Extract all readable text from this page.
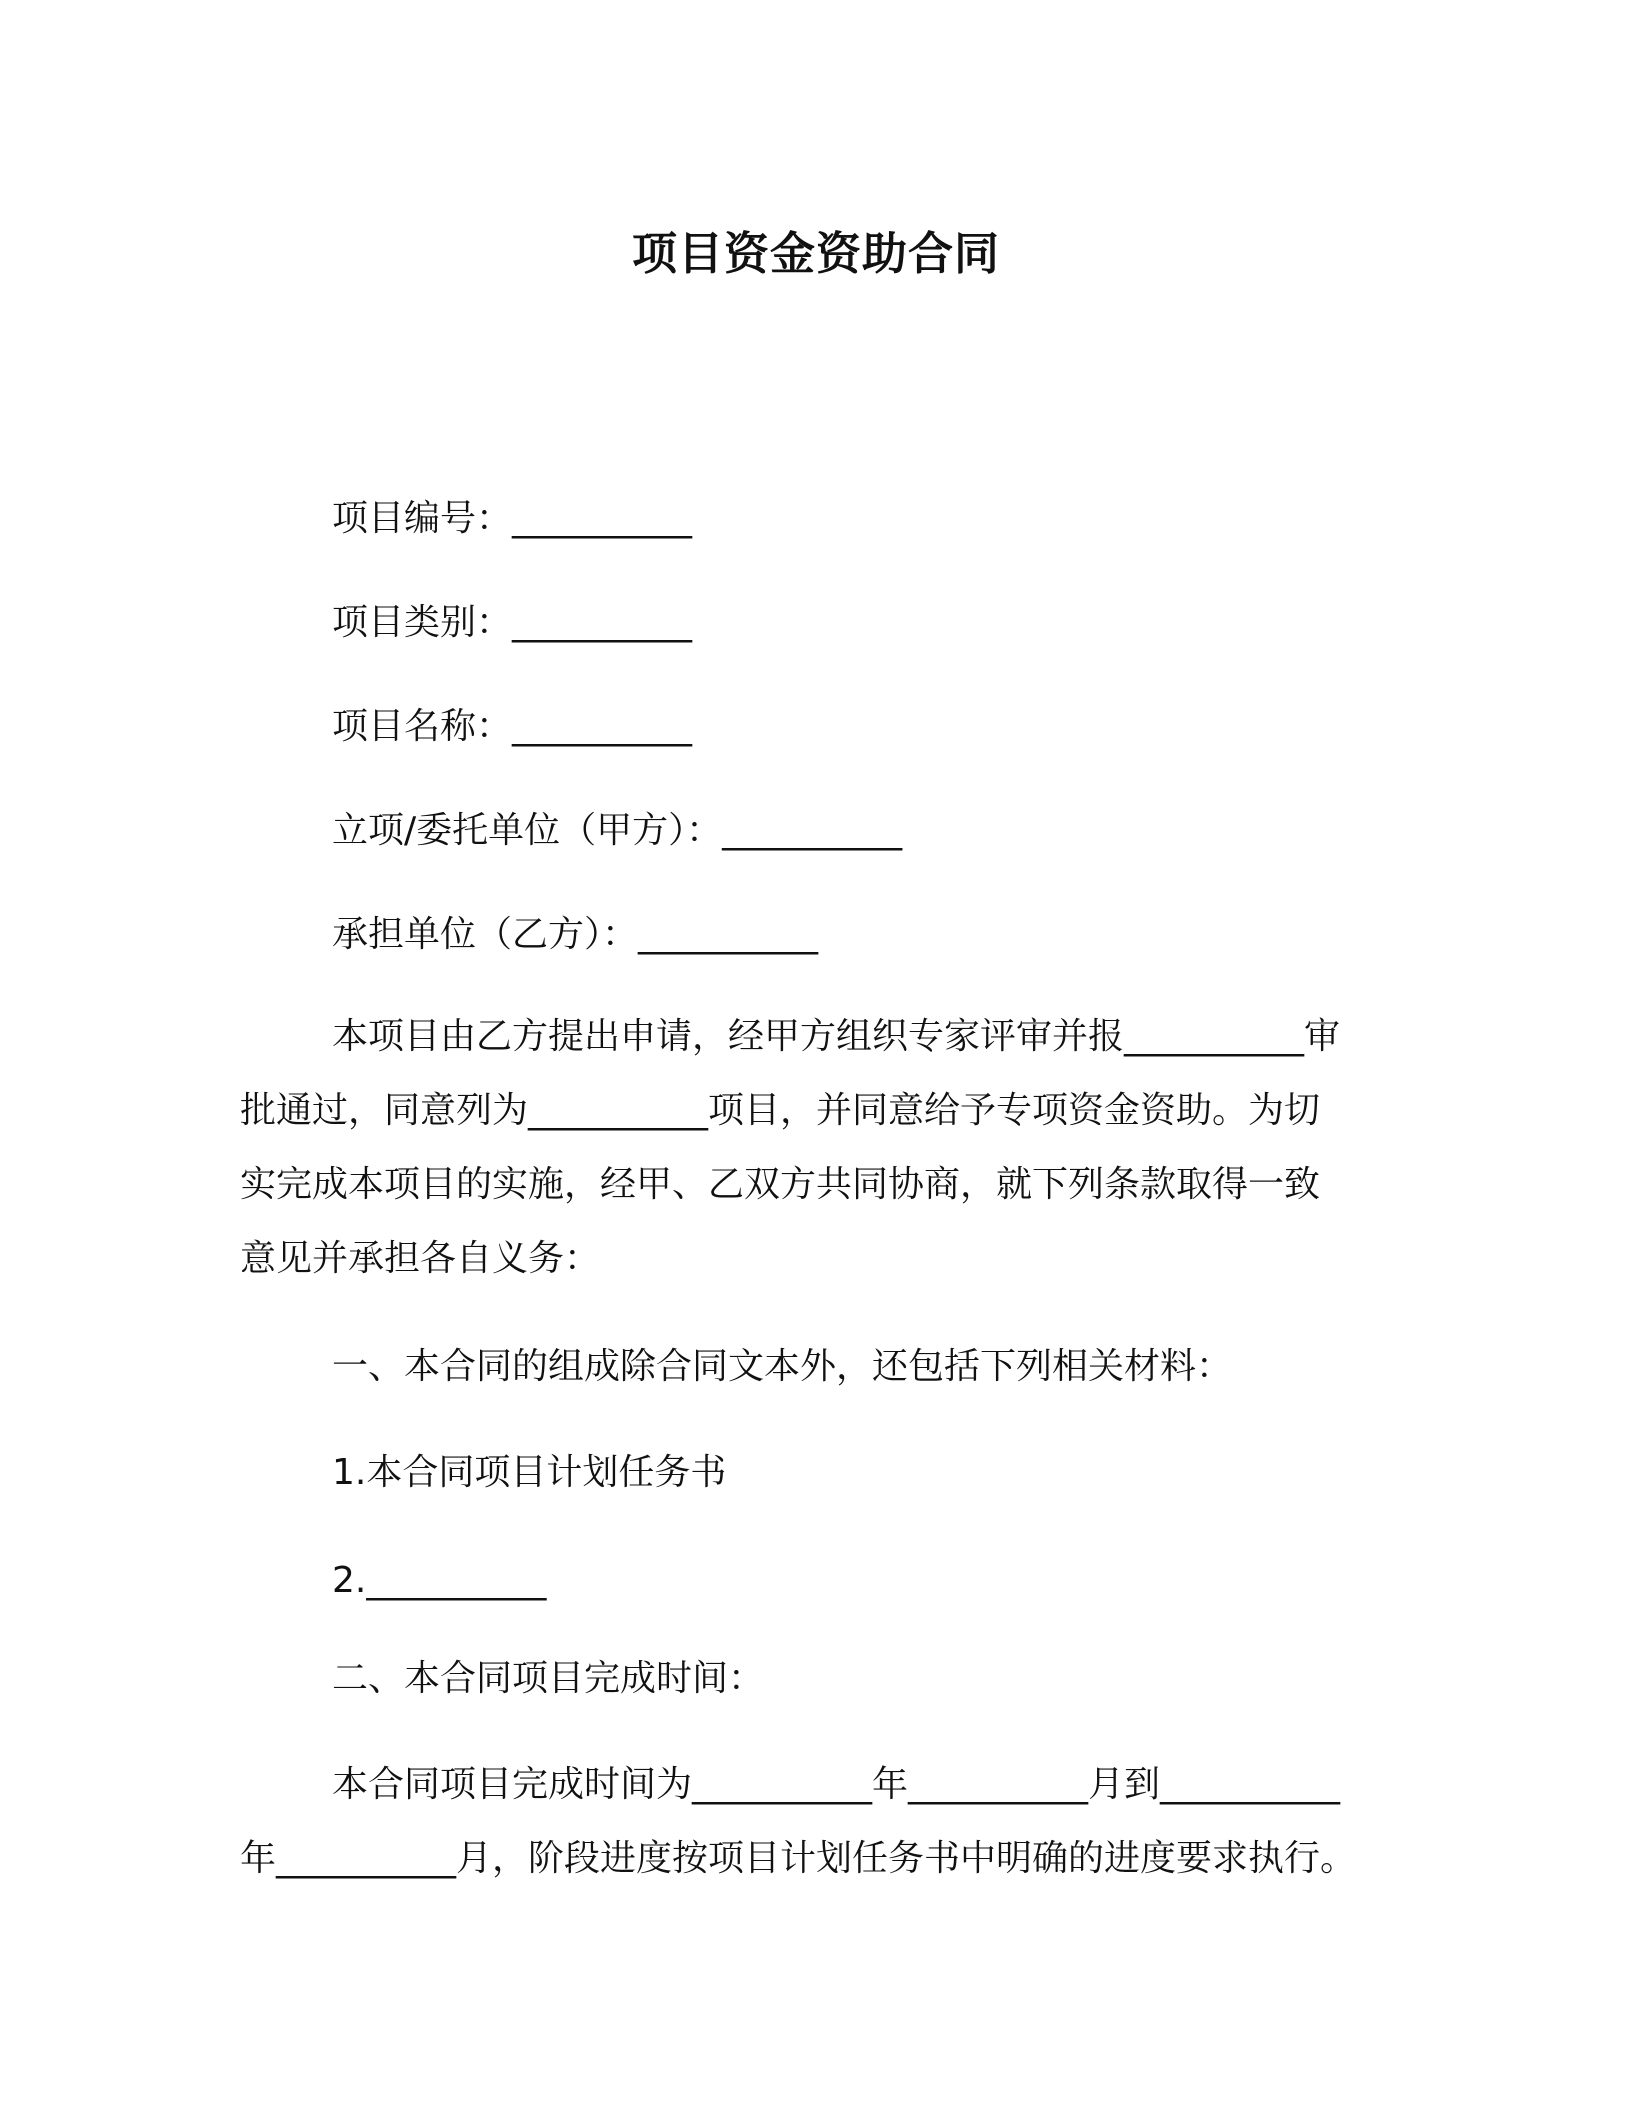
项目资金资助合同
项目编号：__________
项目类别：__________
项目名称：__________
立项/委托单位（甲方）：__________
承担单位（乙方）：__________
本项目由乙方提出申请，经甲方组织专家评审并报__________审
批通过，同意列为__________项目，并同意给予专项资金资助。为切
实完成本项目的实施，经甲、乙双方共同协商，就下列条款取得一致
意见并承担各自义务：
一、本合同的组成除合同文本外，还包括下列相关材料：
1.本合同项目计划任务书
2.__________
二、本合同项目完成时间：
本合同项目完成时间为__________年__________月到__________
年__________月，阶段进度按项目计划任务书中明确的进度要求执行。
